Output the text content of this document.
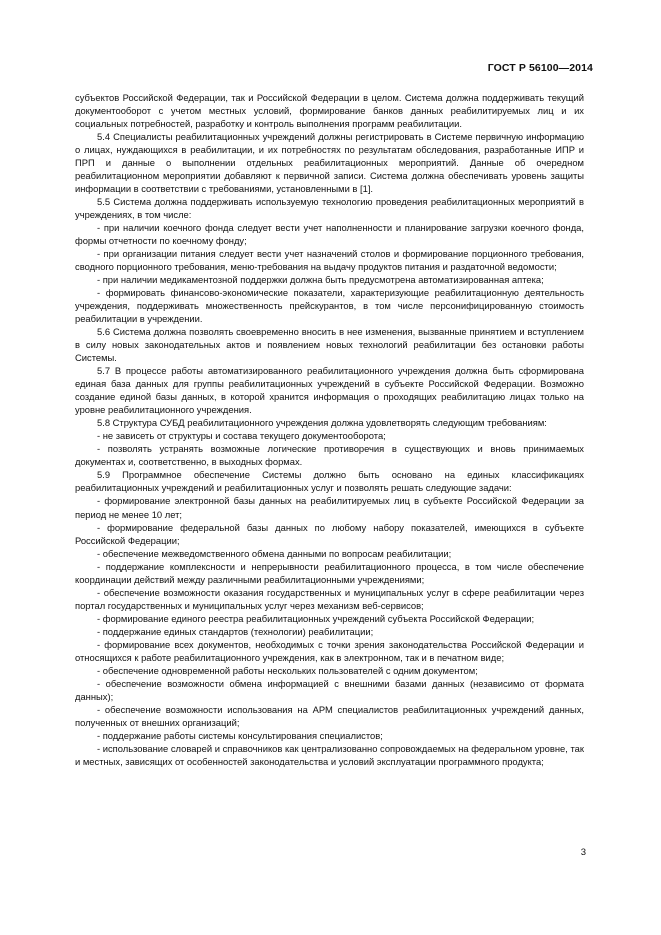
ГОСТ Р 56100—2014

субъектов Российской Федерации, так и Российской Федерации в целом. Система должна поддерживать текущий документооборот с учетом местных условий, формирование банков данных реабилитируемых лиц и их социальных потребностей, разработку и контроль выполнения программ реабилитации.

5.4 Специалисты реабилитационных учреждений должны регистрировать в Системе первичную информацию о лицах, нуждающихся в реабилитации, и их потребностях по результатам обследования, разработанные ИПР и ПРП и данные о выполнении отдельных реабилитационных мероприятий. Данные об очередном реабилитационном мероприятии добавляют к первичной записи. Система должна обеспечивать уровень защиты информации в соответствии с требованиями, установленными в [1].

5.5 Система должна поддерживать используемую технологию проведения реабилитационных мероприятий в учреждениях, в том числе:

- при наличии коечного фонда следует вести учет наполненности и планирование загрузки коечного фонда, формы отчетности по коечному фонду;

- при организации питания следует вести учет назначений столов и формирование порционного требования, сводного порционного требования, меню-требования на выдачу продуктов питания и раздаточной ведомости;

- при наличии медикаментозной поддержки должна быть предусмотрена автоматизированная аптека;

- формировать финансово-экономические показатели, характеризующие реабилитационную деятельность учреждения, поддерживать множественность прейскурантов, в том числе персонифицированную стоимость реабилитации в учреждении.

5.6 Система должна позволять своевременно вносить в нее изменения, вызванные принятием и вступлением в силу новых законодательных актов и появлением новых технологий реабилитации без остановки работы Системы.

5.7 В процессе работы автоматизированного реабилитационного учреждения должна быть сформирована единая база данных для группы реабилитационных учреждений в субъекте Российской Федерации. Возможно создание единой базы данных, в которой хранится информация о проходящих реабилитацию лицах только на уровне реабилитационного учреждения.

5.8 Структура СУБД реабилитационного учреждения должна удовлетворять следующим требованиям:

- не зависеть от структуры и состава текущего документооборота;

- позволять устранять возможные логические противоречия в существующих и вновь принимаемых документах и, соответственно, в выходных формах.

5.9 Программное обеспечение Системы должно быть основано на единых классификациях реабилитационных учреждений и реабилитационных услуг и позволять решать следующие задачи:

- формирование электронной базы данных на реабилитируемых лиц в субъекте Российской Федерации за период не менее 10 лет;

- формирование федеральной базы данных по любому набору показателей, имеющихся в субъекте Российской Федерации;

- обеспечение межведомственного обмена данными по вопросам реабилитации;

- поддержание комплексности и непрерывности реабилитационного процесса, в том числе обеспечение координации действий между различными реабилитационными учреждениями;

- обеспечение возможности оказания государственных и муниципальных услуг в сфере реабилитации через портал государственных и муниципальных услуг через механизм веб-сервисов;

- формирование единого реестра реабилитационных учреждений субъекта Российской Федерации;

- поддержание единых стандартов (технологии) реабилитации;

- формирование всех документов, необходимых с точки зрения законодательства Российской Федерации и относящихся к работе реабилитационного учреждения, как в электронном, так и в печатном виде;

- обеспечение одновременной работы нескольких пользователей с одним документом;

- обеспечение возможности обмена информацией с внешними базами данных (независимо от формата данных);

- обеспечение возможности использования на АРМ специалистов реабилитационных учреждений данных, полученных от внешних организаций;

- поддержание работы системы консультирования специалистов;

- использование словарей и справочников как централизованно сопровождаемых на федеральном уровне, так и местных, зависящих от особенностей законодательства и условий эксплуатации программного продукта;

3
